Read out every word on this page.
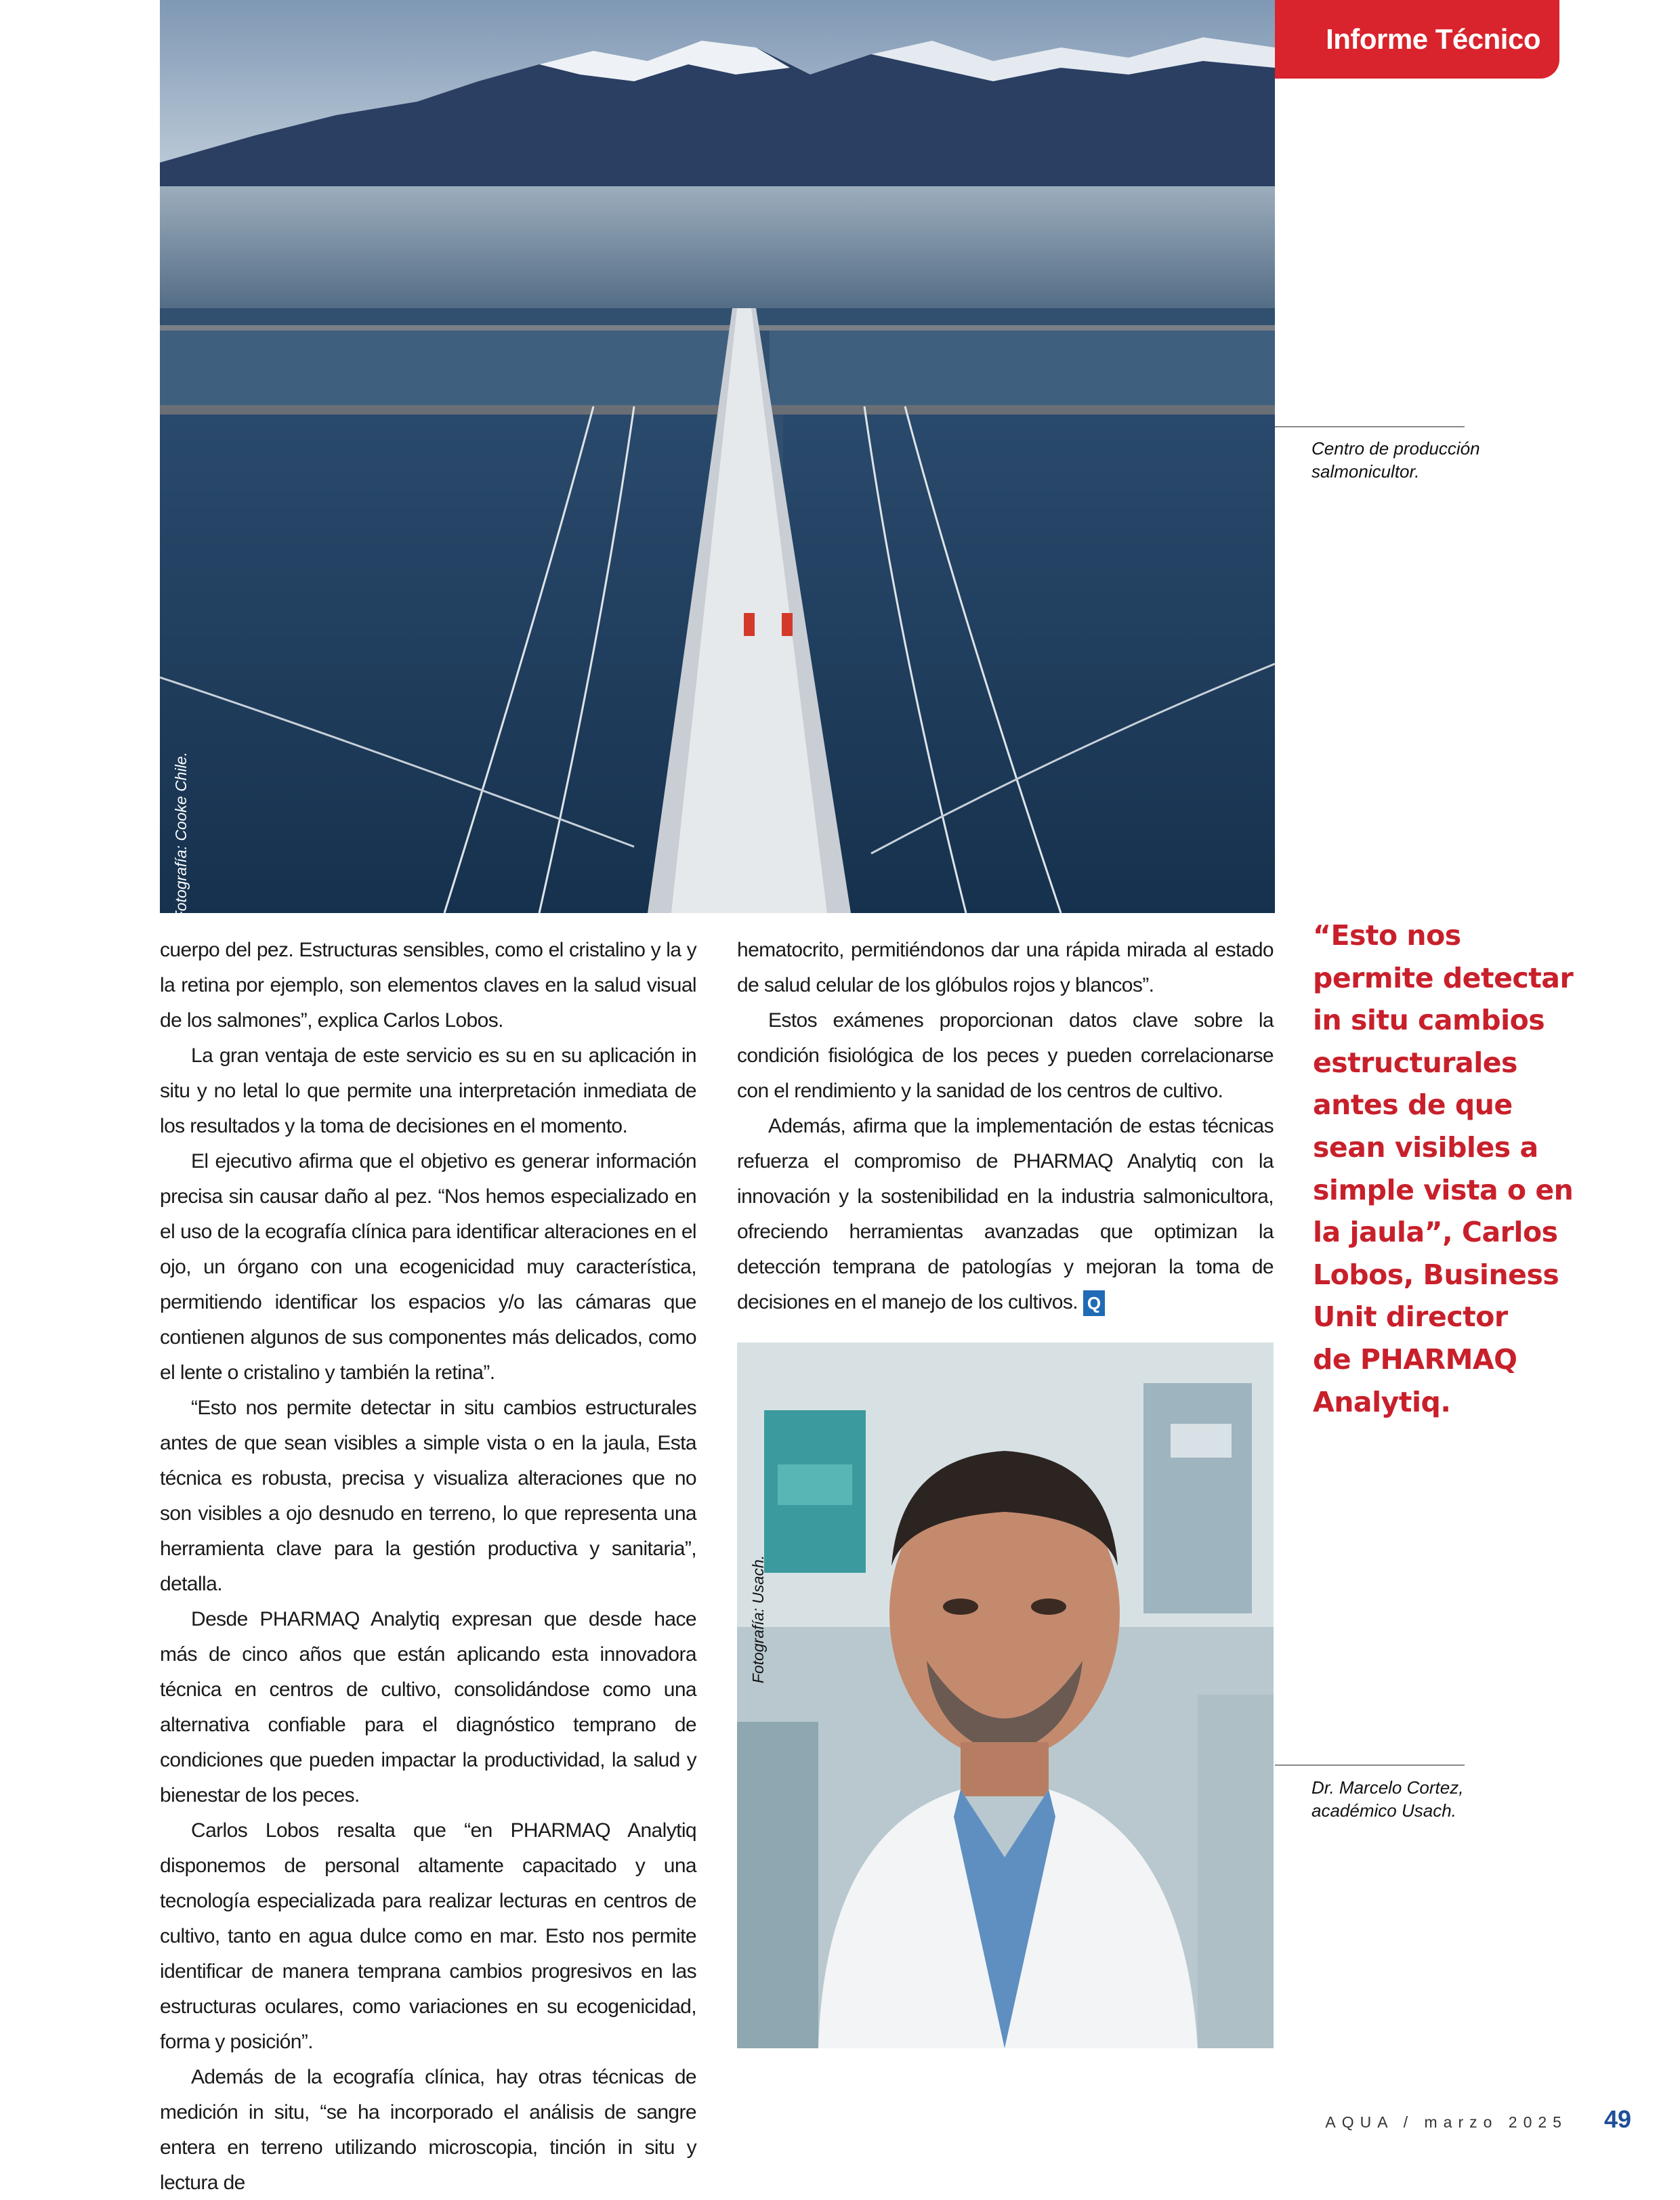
Informe Técnico
Fotografía: Cooke Chile.
Centro de producción
salmonicultor.

cuerpo del pez. Estructuras sensibles, como el cristalino y la y la retina por ejemplo, son elementos claves en la salud visual de los salmones”, explica Carlos Lobos.

La gran ventaja de este servicio es su en su aplicación in situ y no letal lo que permite una interpretación inmediata de los resultados y la toma de decisiones en el momento.

El ejecutivo afirma que el objetivo es generar información precisa sin causar daño al pez. “Nos hemos especializado en el uso de la ecografía clínica para identificar alteraciones en el ojo, un órgano con una ecogenicidad muy característica, permitiendo identificar los espacios y/o las cámaras que contienen algunos de sus componentes más delicados, como el lente o cristalino y también la retina”.

“Esto nos permite detectar in situ cambios estructurales antes de que sean visibles a simple vista o en la jaula, Esta técnica es robusta, precisa y visualiza alteraciones que no son visibles a ojo desnudo en terreno, lo que representa una herramienta clave para la gestión productiva y sanitaria”, detalla.

Desde PHARMAQ Analytiq expresan que desde hace más de cinco años que están aplicando esta innovadora técnica en centros de cultivo, consolidándose como una alternativa confiable para el diagnóstico temprano de condiciones que pueden impactar la productividad, la salud y bienestar de los peces.

Carlos Lobos resalta que “en PHARMAQ Analytiq disponemos de personal altamente capacitado y una tecnología especializada para realizar lecturas en centros de cultivo, tanto en agua dulce como en mar. Esto nos permite identificar de manera temprana cambios progresivos en las estructuras oculares, como variaciones en su ecogenicidad, forma y posición”.

Además de la ecografía clínica, hay otras técnicas de medición in situ, “se ha incorporado el análisis de sangre entera en terreno utilizando microscopia, tinción in situ y lectura de

hematocrito, permitiéndonos dar una rápida mirada al estado de salud celular de los glóbulos rojos y blancos”.

Estos exámenes proporcionan datos clave sobre la condición fisiológica de los peces y pueden correlacionarse con el rendimiento y la sanidad de los centros de cultivo.

Además, afirma que la implementación de estas técnicas refuerza el compromiso de PHARMAQ Analytiq con la innovación y la sostenibilidad en la industria salmonicultora, ofreciendo herramientas avanzadas que optimizan la detección temprana de patologías y mejoran la toma de decisiones en el manejo de los cultivos. Q

Fotografía: Usach.
Dr. Marcelo Cortez,
académico Usach.
“Esto nos
permite detectar
in situ cambios
estructurales
antes de que
sean visibles a
simple vista o en
la jaula”, Carlos
Lobos, Business
Unit director
de PHARMAQ
Analytiq.
AQUA / marzo 2025 49
